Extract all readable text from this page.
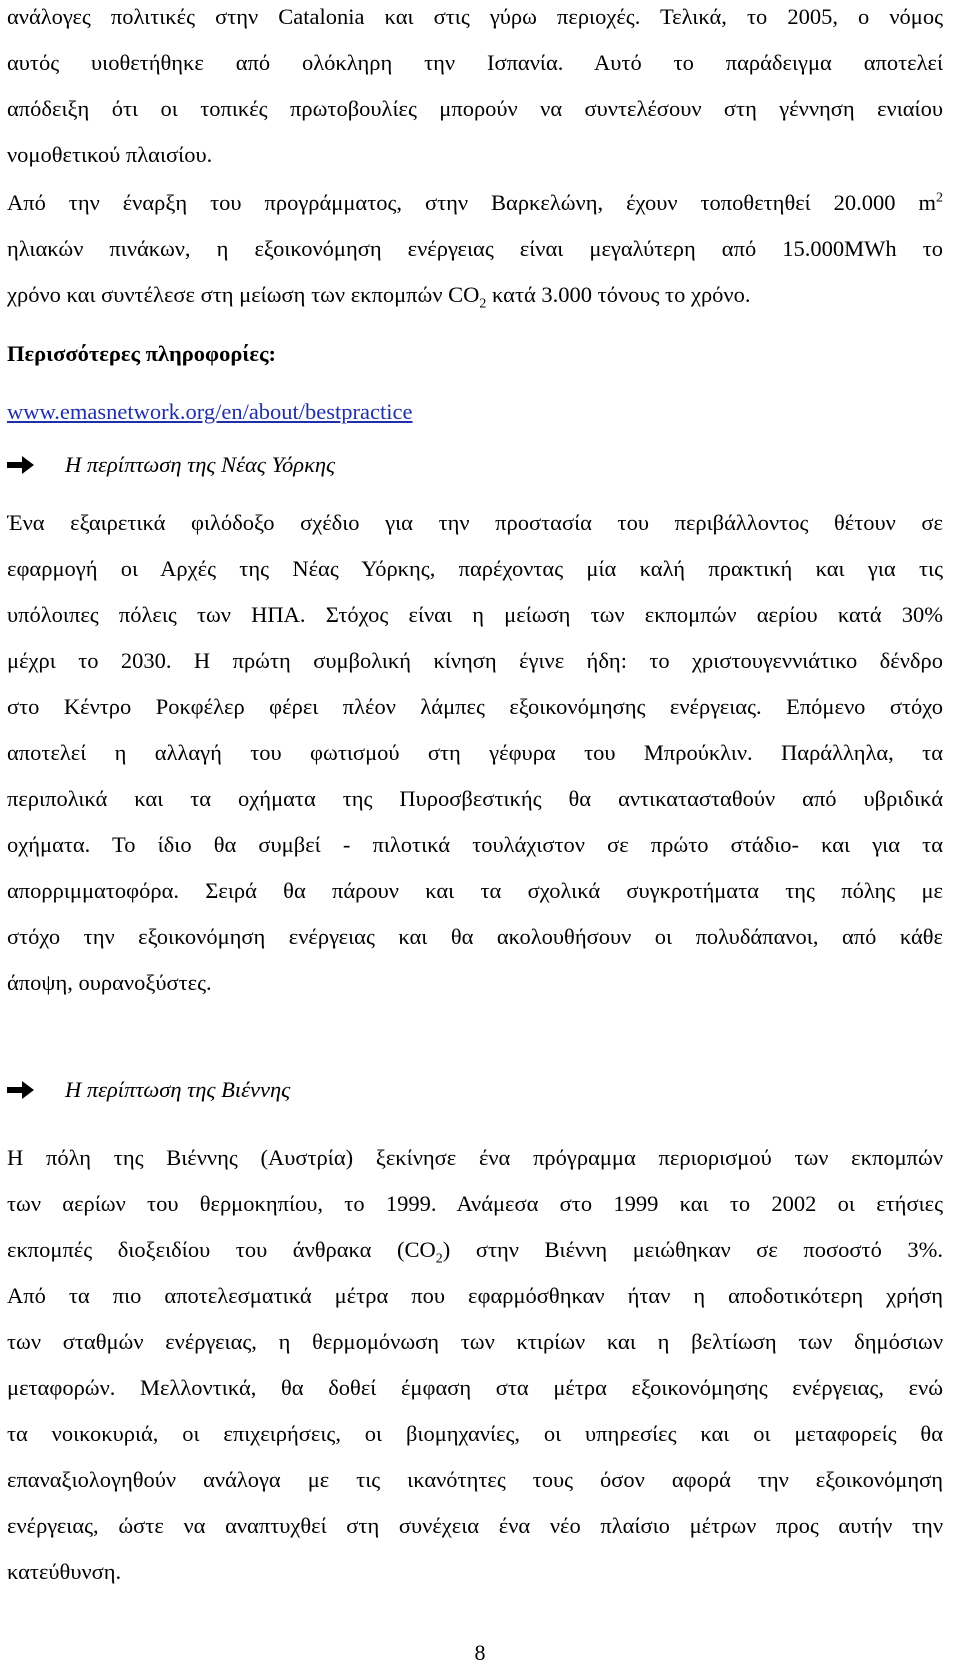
ανάλογες πολιτικές στην Catalonia και στις γύρω περιοχές. Τελικά, το 2005, ο νόμος
αυτός υιοθετήθηκε από ολόκληρη την Ισπανία. Αυτό το παράδειγμα αποτελεί
απόδειξη ότι οι τοπικές πρωτοβουλίες μπορούν να συντελέσουν στη γέννηση ενιαίου
νομοθετικού πλαισίου.
Από την έναρξη του προγράμματος, στην Βαρκελώνη, έχουν τοποθετηθεί 20.000 $m^2$
ηλιακών πινάκων, η εξοικονόμηση ενέργειας είναι μεγαλύτερη από 15.000MWh το
χρόνο και συντέλεσε στη μείωση των εκπομπών $CO_2$ κατά 3.000 τόνους το χρόνο.
Περισσότερες πληροφορίες:
www.emasnetwork.org/en/about/bestpractice
Η περίπτωση της Νέας Υόρκης
Ένα εξαιρετικά φιλόδοξο σχέδιο για την προστασία του περιβάλλοντος θέτουν σε
εφαρμογή οι Αρχές της Νέας Υόρκης, παρέχοντας μία καλή πρακτική και για τις
υπόλοιπες πόλεις των ΗΠΑ. Στόχος είναι η μείωση των εκπομπών αερίου κατά 30%
μέχρι το 2030. Η πρώτη συμβολική κίνηση έγινε ήδη: το χριστουγεννιάτικο δένδρο
στο Κέντρο Ροκφέλερ φέρει πλέον λάμπες εξοικονόμησης ενέργειας. Επόμενο στόχο
αποτελεί η αλλαγή του φωτισμού στη γέφυρα του Μπρούκλιν. Παράλληλα, τα
περιπολικά και τα οχήματα της Πυροσβεστικής θα αντικατασταθούν από υβριδικά
οχήματα. Το ίδιο θα συμβεί - πιλοτικά τουλάχιστον σε πρώτο στάδιο- και για τα
απορριμματοφόρα. Σειρά θα πάρουν και τα σχολικά συγκροτήματα της πόλης με
στόχο την εξοικονόμηση ενέργειας και θα ακολουθήσουν οι πολυδάπανοι, από κάθε
άποψη, ουρανοξύστες.
Η περίπτωση της Βιέννης
Η πόλη της Βιέννης (Αυστρία) ξεκίνησε ένα πρόγραμμα περιορισμού των εκπομπών
των αερίων του θερμοκηπίου, το 1999. Ανάμεσα στο 1999 και το 2002 οι ετήσιες
εκπομπές διοξειδίου του άνθρακα $(CO_2)$ στην Βιέννη μειώθηκαν σε ποσοστό 3%.
Από τα πιο αποτελεσματικά μέτρα που εφαρμόσθηκαν ήταν η αποδοτικότερη χρήση
των σταθμών ενέργειας, η θερμομόνωση των κτιρίων και η βελτίωση των δημόσιων
μεταφορών. Μελλοντικά, θα δοθεί έμφαση στα μέτρα εξοικονόμησης ενέργειας, ενώ
τα νοικοκυριά, οι επιχειρήσεις, οι βιομηχανίες, οι υπηρεσίες και οι μεταφορείς θα
επαναξιολογηθούν ανάλογα με τις ικανότητες τους όσον αφορά την εξοικονόμηση
ενέργειας, ώστε να αναπτυχθεί στη συνέχεια ένα νέο πλαίσιο μέτρων προς αυτήν την
κατεύθυνση.
8
